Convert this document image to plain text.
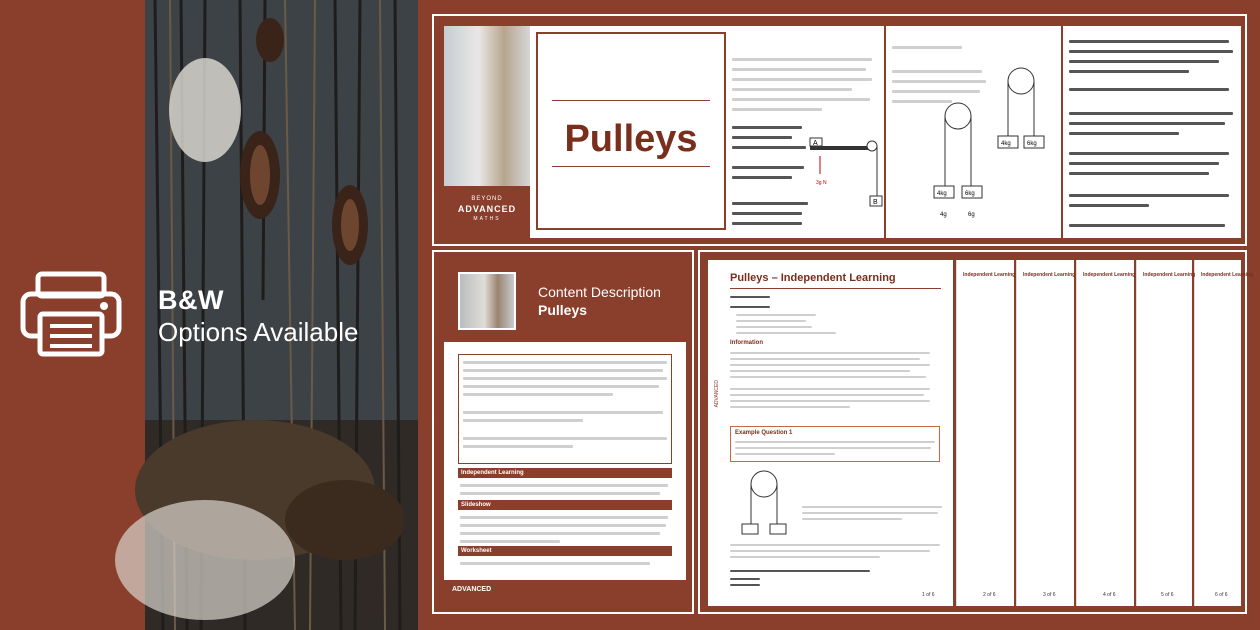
B&W
Options Available
BEYOND
ADVANCED
MATHS
Pulleys	A
B
3g N
4kg	6kg
4kg	6kg
4g	6g
Content Description
Pulleys
Independent Learning
Slideshow
Worksheet
ADVANCED
Independent Learning
6 of 6
Independent Learning
5 of 6
Independent Learning
4 of 6
Independent Learning
3 of 6
Independent Learning
2 of 6
ADVANCED
Pulleys – Independent Learning
Information
Example Question 1
1 of 6
